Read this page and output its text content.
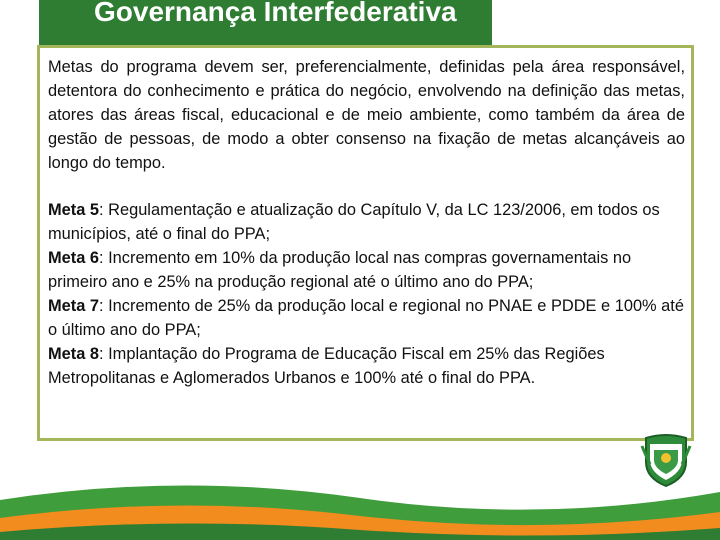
Governança Interfederativa

Metas do programa devem ser, preferencialmente, definidas pela área responsável, detentora do conhecimento e prática do negócio, envolvendo na definição das metas, atores das áreas fiscal, educacional e de meio ambiente, como também da área de gestão de pessoas, de modo a obter consenso na fixação de metas alcançáveis ao longo do tempo.

Meta 5: Regulamentação e atualização do Capítulo V, da LC 123/2006, em todos os municípios, até o final do PPA;

Meta 6: Incremento em 10% da produção local nas compras governamentais no primeiro ano e 25% na produção regional até o último ano do PPA;

Meta 7: Incremento de 25% da produção local e regional no PNAE e PDDE e 100% até o último ano do PPA;

Meta 8: Implantação do Programa de Educação Fiscal em 25% das Regiões Metropolitanas e Aglomerados Urbanos e 100% até o final do PPA.
